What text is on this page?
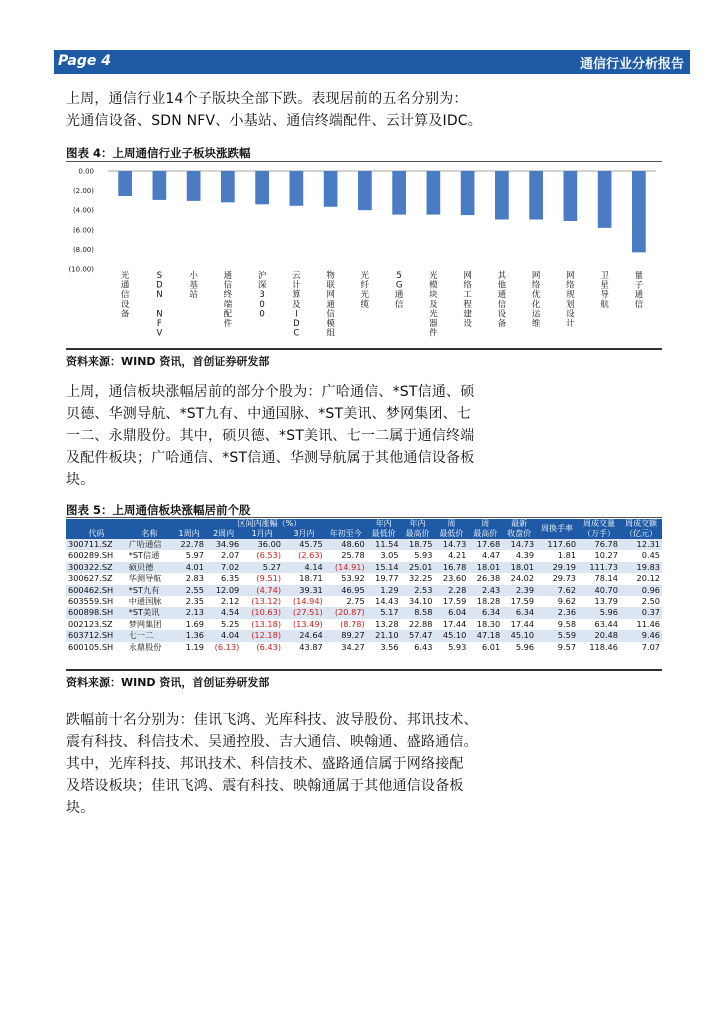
Page 4	通信行业分析报告
上周，通信行业14个子版块全部下跌。表现居前的五名分别为：
光通信设备、SDN NFV、小基站、通信终端配件、云计算及IDC。
图表 4：上周通信行业子板块涨跌幅
0.00
(2.00)
(4.00)
(6.00)
(8.00)
(10.00)
光通信设备
S D N N F V
小基站
通信终端配件
沪深 3 0 0
云计算及 I D C
物联网通信模组
光纤光缆
5 G 通信
光模块及光器件
网络工程建设
其他通信设备
网络优化运维
网络规划设计
卫星导航
量子通信
资料来源：WIND 资讯，首创证券研发部
上周，通信板块涨幅居前的部分个股为：广哈通信、*ST信通、硕
贝德、华测导航、*ST九有、中通国脉、*ST美讯、梦网集团、七
一二、永鼎股份。其中，硕贝德、*ST美讯、七一二属于通信终端
及配件板块；广哈通信、*ST信通、华测导航属于其他通信设备板
块。
图表 5：上周通信板块涨幅居前个股
		区间内涨幅（%）					年内	年内	周	周	最新	周换手率	周成交量	周成交额
代码	名称	1周内	2周内	1月内	3月内	年初至今	最低价	最高价	最低价	最高价	收盘价		（万手）	（亿元）
300711.SZ	广哈通信	22.78	34.96	36.00	45.75	48.60	11.54	18.75	14.73	17.68	14.73	117.60	76.78	12.31
600289.SH	*ST信通	5.97	2.07	(6.53)	(2.63)	25.78	3.05	5.93	4.21	4.47	4.39	1.81	10.27	0.45
300322.SZ	硕贝德	4.01	7.02	5.27	4.14	(14.91)	15.14	25.01	16.78	18.01	18.01	29.19	111.73	19.83
300627.SZ	华测导航	2.83	6.35	(9.51)	18.71	53.92	19.77	32.25	23.60	26.38	24.02	29.73	78.14	20.12
600462.SH	*ST九有	2.55	12.09	(4.74)	39.31	46.95	1.29	2.53	2.28	2.43	2.39	7.62	40.70	0.96
603559.SH	中通国脉	2.35	2.12	(13.12)	(14.94)	2.75	14.43	34.10	17.59	18.28	17.59	9.62	13.79	2.50
600898.SH	*ST美讯	2.13	4.54	(10.63)	(27.51)	(20.87)	5.17	8.58	6.04	6.34	6.34	2.36	5.96	0.37
002123.SZ	梦网集团	1.69	5.25	(13.18)	(13.49)	(8.78)	13.28	22.88	17.44	18.30	17.44	9.58	63.44	11.46
603712.SH	七一二	1.36	4.04	(12.18)	24.64	89.27	21.10	57.47	45.10	47.18	45.10	5.59	20.48	9.46
600105.SH	永鼎股份	1.19	(6.13)	(6.43)	43.87	34.27	3.56	6.43	5.93	6.01	5.96	9.57	118.46	7.07
资料来源：WIND 资讯，首创证券研发部
跌幅前十名分别为：佳讯飞鸿、光库科技、波导股份、邦讯技术、
震有科技、科信技术、吴通控股、吉大通信、映翰通、盛路通信。
其中，光库科技、邦讯技术、科信技术、盛路通信属于网络接配
及塔设板块；佳讯飞鸿、震有科技、映翰通属于其他通信设备板
块。
